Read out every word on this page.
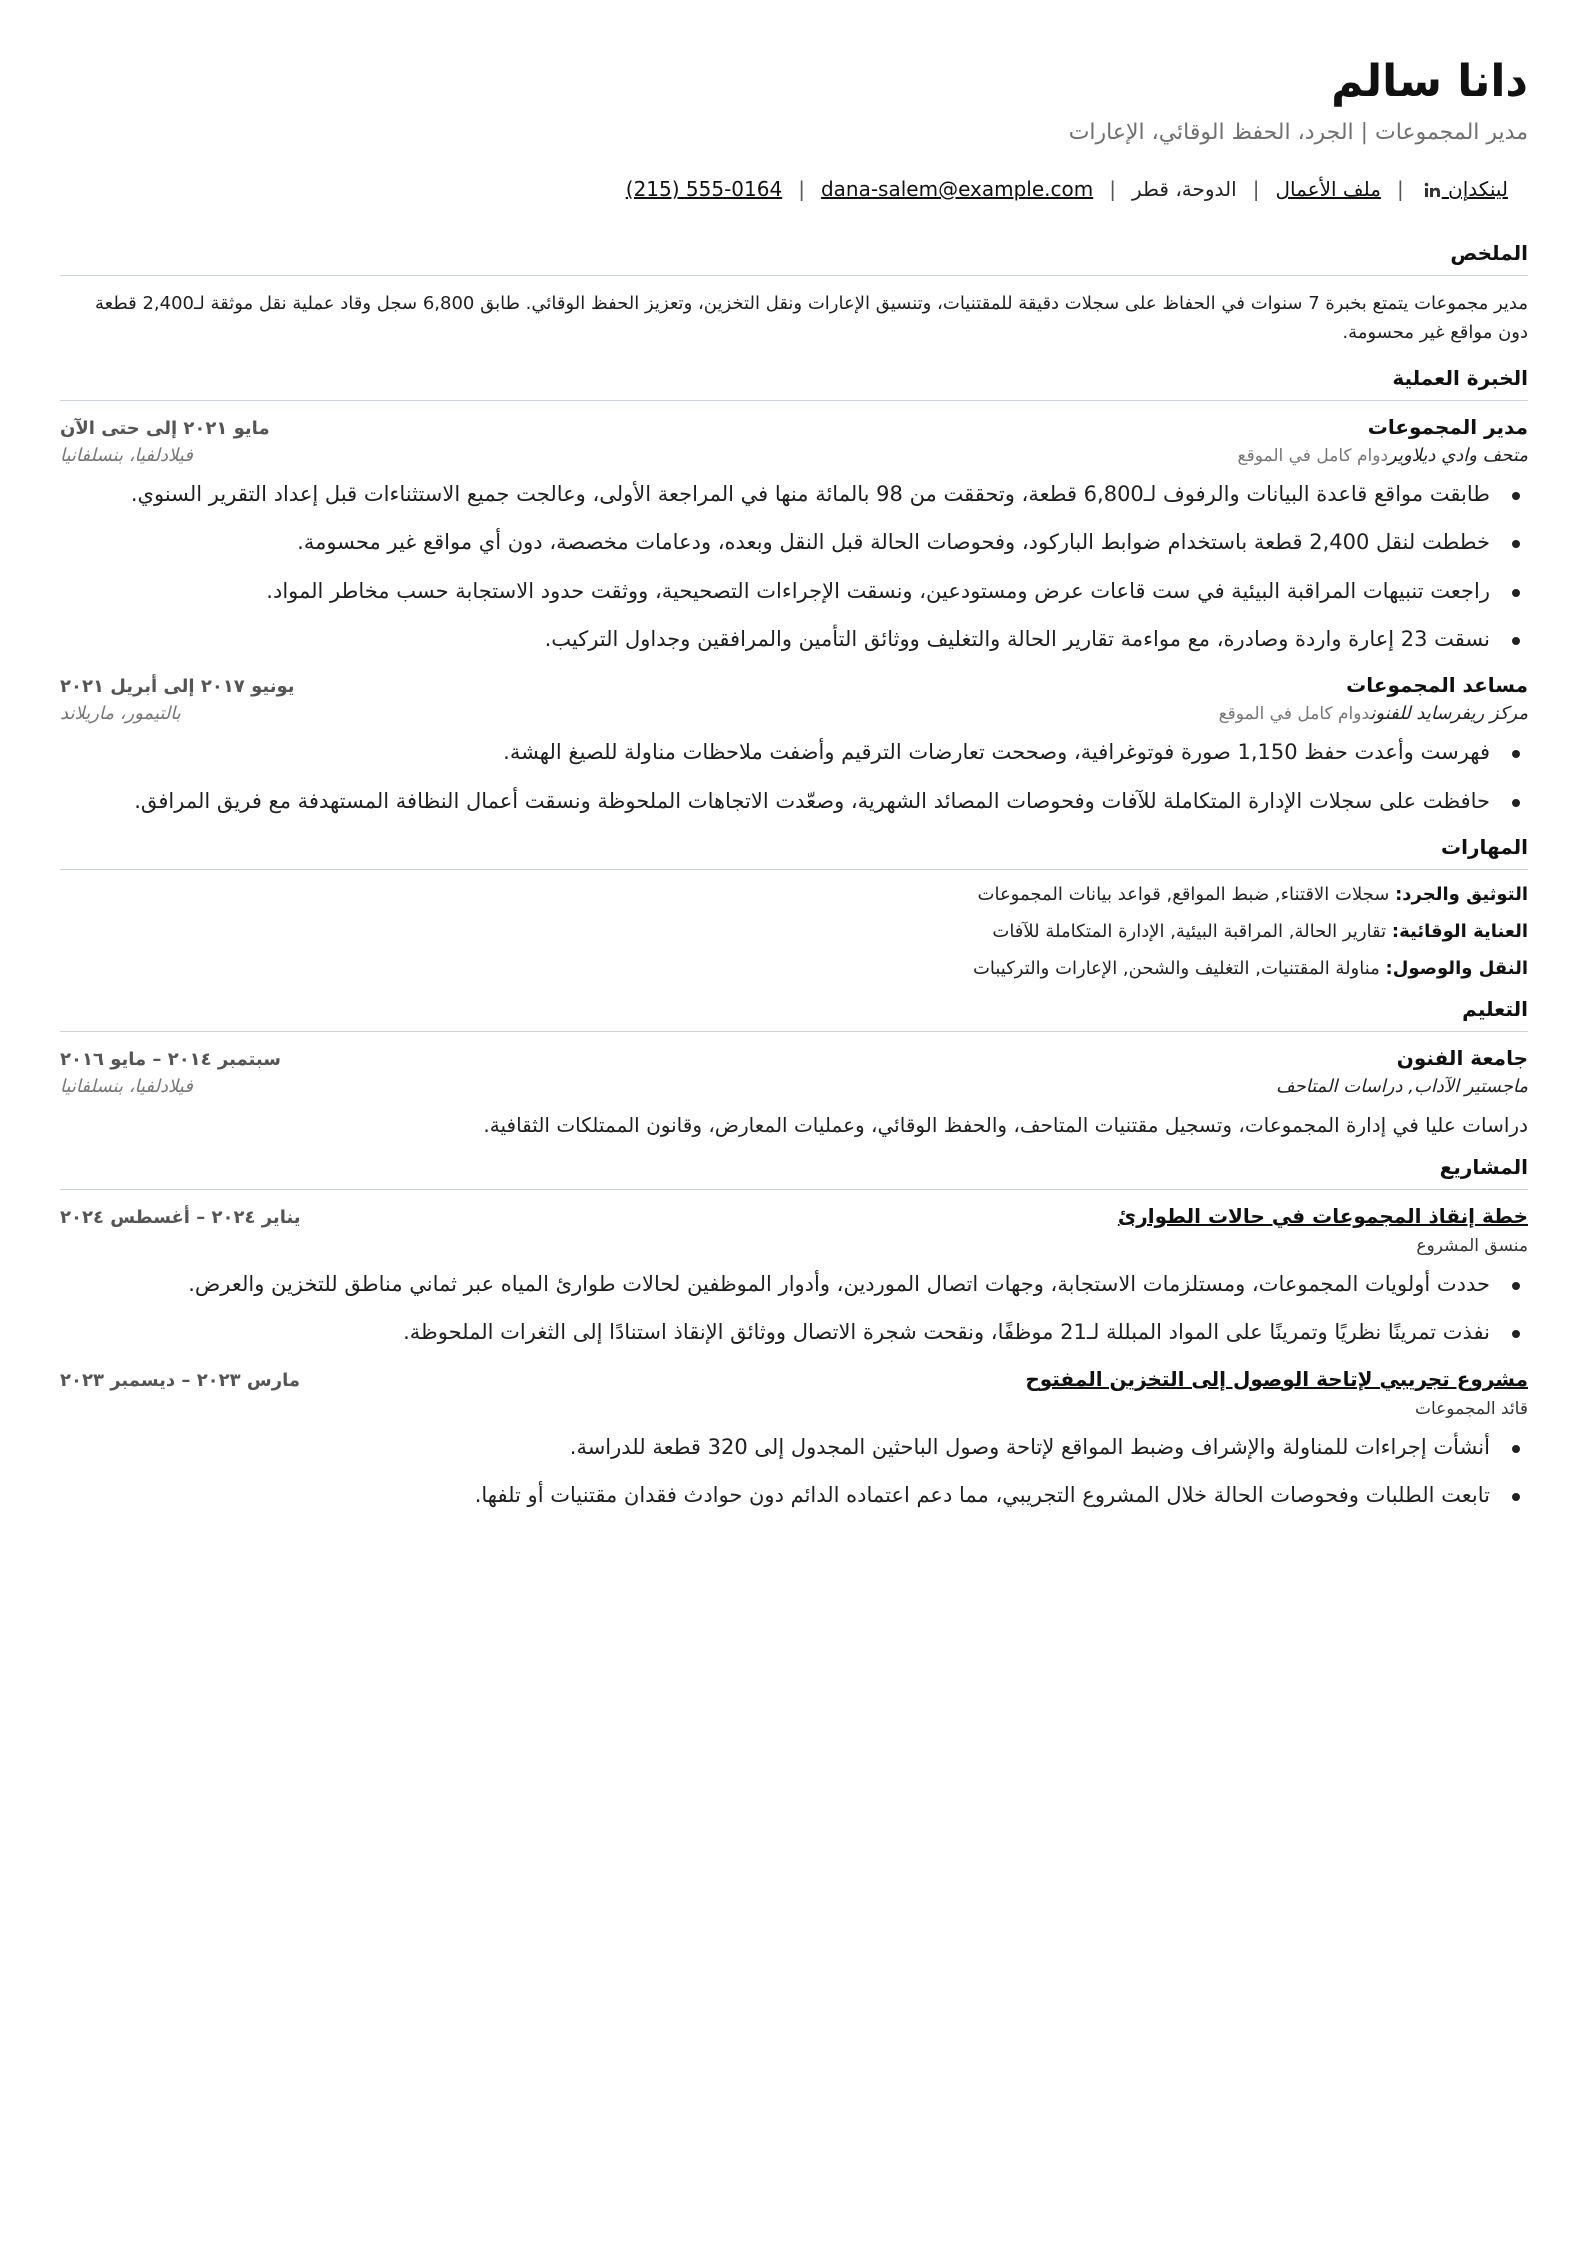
دانا سالم
مدير المجموعات | الجرد، الحفظ الوقائي، الإعارات
لينكدإن
|
ملف الأعمال
|
الدوحة، قطر
|
dana-salem@example.com
|
(215) 555-0164
الملخص
مدير مجموعات يتمتع بخبرة 7 سنوات في الحفاظ على سجلات دقيقة للمقتنيات، وتنسيق الإعارات ونقل التخزين، وتعزيز الحفظ الوقائي. طابق 6,800 سجل وقاد عملية نقل موثقة لـ2,400 قطعة دون مواقع غير محسومة.
الخبرة العملية
مدير المجموعات
مايو ٢٠٢١ إلى حتى الآن
متحف وادي ديلاويردوام كامل في الموقع
فيلادلفيا، بنسلفانيا
طابقت مواقع قاعدة البيانات والرفوف لـ6,800 قطعة، وتحققت من 98 بالمائة منها في المراجعة الأولى، وعالجت جميع الاستثناءات قبل إعداد التقرير السنوي.
خططت لنقل 2,400 قطعة باستخدام ضوابط الباركود، وفحوصات الحالة قبل النقل وبعده، ودعامات مخصصة، دون أي مواقع غير محسومة.
راجعت تنبيهات المراقبة البيئية في ست قاعات عرض ومستودعين، ونسقت الإجراءات التصحيحية، ووثقت حدود الاستجابة حسب مخاطر المواد.
نسقت 23 إعارة واردة وصادرة، مع مواءمة تقارير الحالة والتغليف ووثائق التأمين والمرافقين وجداول التركيب.
مساعد المجموعات
يونيو ٢٠١٧ إلى أبريل ٢٠٢١
مركز ريفرسايد للفنوندوام كامل في الموقع
بالتيمور، ماريلاند
فهرست وأعدت حفظ 1,150 صورة فوتوغرافية، وصححت تعارضات الترقيم وأضفت ملاحظات مناولة للصيغ الهشة.
حافظت على سجلات الإدارة المتكاملة للآفات وفحوصات المصائد الشهرية، وصعّدت الاتجاهات الملحوظة ونسقت أعمال النظافة المستهدفة مع فريق المرافق.
المهارات
التوثيق والجرد: سجلات الاقتناء, ضبط المواقع, قواعد بيانات المجموعات
العناية الوقائية: تقارير الحالة, المراقبة البيئية, الإدارة المتكاملة للآفات
النقل والوصول: مناولة المقتنيات, التغليف والشحن, الإعارات والتركيبات
التعليم
جامعة الفنون
سبتمبر ٢٠١٤ – مايو ٢٠١٦
ماجستير الآداب, دراسات المتاحف
فيلادلفيا، بنسلفانيا
دراسات عليا في إدارة المجموعات، وتسجيل مقتنيات المتاحف، والحفظ الوقائي، وعمليات المعارض، وقانون الممتلكات الثقافية.
المشاريع
خطة إنقاذ المجموعات في حالات الطوارئ
يناير ٢٠٢٤ – أغسطس ٢٠٢٤
منسق المشروع
حددت أولويات المجموعات، ومستلزمات الاستجابة، وجهات اتصال الموردين، وأدوار الموظفين لحالات طوارئ المياه عبر ثماني مناطق للتخزين والعرض.
نفذت تمرينًا نظريًا وتمرينًا على المواد المبللة لـ21 موظفًا، ونقحت شجرة الاتصال ووثائق الإنقاذ استنادًا إلى الثغرات الملحوظة.
مشروع تجريبي لإتاحة الوصول إلى التخزين المفتوح
مارس ٢٠٢٣ – ديسمبر ٢٠٢٣
قائد المجموعات
أنشأت إجراءات للمناولة والإشراف وضبط المواقع لإتاحة وصول الباحثين المجدول إلى 320 قطعة للدراسة.
تابعت الطلبات وفحوصات الحالة خلال المشروع التجريبي، مما دعم اعتماده الدائم دون حوادث فقدان مقتنيات أو تلفها.
